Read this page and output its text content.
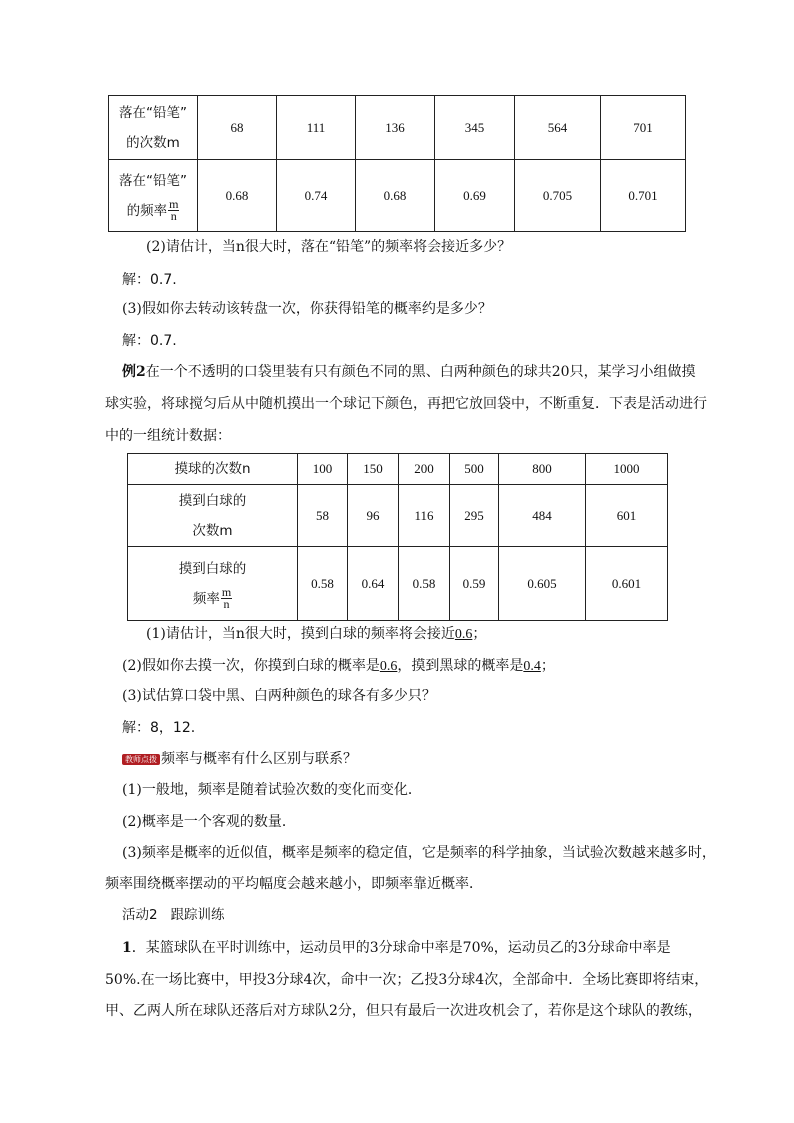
落在“铅笔”
的次数m	68	111	136	345	564	701

落在“铅笔”
的频率 $\frac{m}{n}$	0.68	0.74	0.68	0.69	0.705	0.701
(2)请估计，当n很大时，落在“铅笔”的频率将会接近多少？
解：0.7.
(3)假如你去转动该转盘一次，你获得铅笔的概率约是多少？
解：0.7.
例2在一个不透明的口袋里装有只有颜色不同的黑、白两种颜色的球共20只，某学习小组做摸
球实验，将球搅匀后从中随机摸出一个球记下颜色，再把它放回袋中，不断重复．下表是活动进行
中的一组统计数据：
摸球的次数n	100	150	200	500	800	1000

摸到白球的
次数m	58	96	116	295	484	601

摸到白球的
频率 $\frac{m}{n}$	0.58	0.64	0.58	0.59	0.605	0.601
(1)请估计，当n很大时，摸到白球的频率将会接近0.6；
(2)假如你去摸一次，你摸到白球的概率是0.6，摸到黑球的概率是0.4；
(3)试估算口袋中黑、白两种颜色的球各有多少只？
解：8，12.
教师点拨 频率与概率有什么区别与联系？
(1)一般地，频率是随着试验次数的变化而变化．
(2)概率是一个客观的数量．
(3)频率是概率的近似值，概率是频率的稳定值，它是频率的科学抽象，当试验次数越来越多时，
频率围绕概率摆动的平均幅度会越来越小，即频率靠近概率．
活动2 跟踪训练
1．某篮球队在平时训练中，运动员甲的3分球命中率是70%，运动员乙的3分球命中率是
50%.在一场比赛中，甲投3分球4次，命中一次；乙投3分球4次，全部命中．全场比赛即将结束，
甲、乙两人所在球队还落后对方球队2分，但只有最后一次进攻机会了，若你是这个球队的教练，
